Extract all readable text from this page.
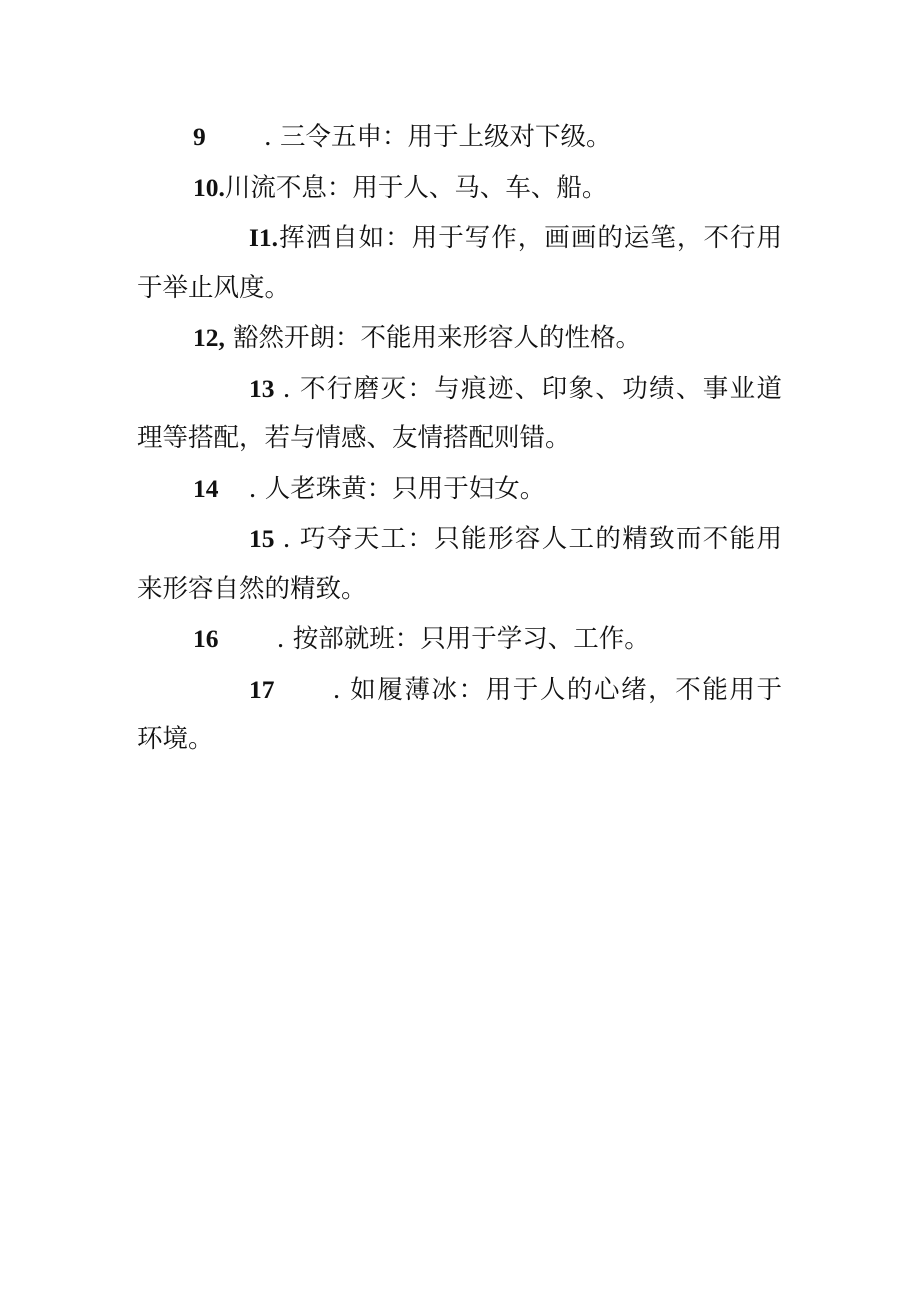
9 . 三令五申：用于上级对下级。

10.川流不息：用于人、马、车、船。

I1.挥洒自如：用于写作，画画的运笔，不行用于举止风度。

12, 豁然开朗：不能用来形容人的性格。

13 . 不行磨灭：与痕迹、印象、功绩、事业道理等搭配，若与情感、友情搭配则错。

14 . 人老珠黄：只用于妇女。

15 . 巧夺天工：只能形容人工的精致而不能用来形容自然的精致。

16 . 按部就班：只用于学习、工作。

17 . 如履薄冰：用于人的心绪，不能用于环境。
